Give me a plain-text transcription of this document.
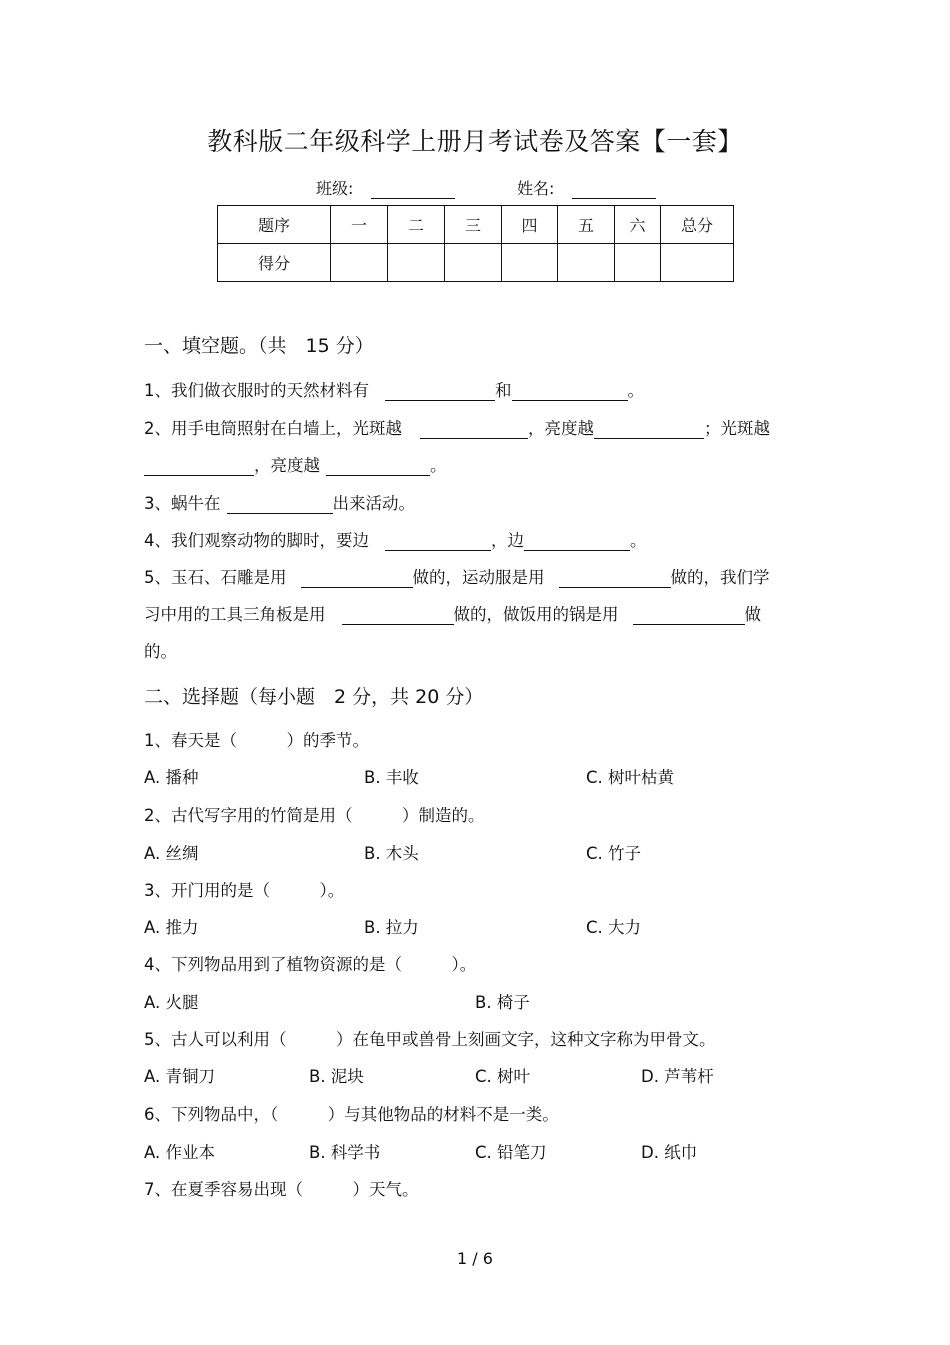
教科版二年级科学上册月考试卷及答案【一套】
班级:	姓名:
题序	一	二	三	四	五	六	总分
得分							
一、填空题。（共　15 分）
1、我们做衣服时的天然材料有	和	。
2、用手电筒照射在白墙上，光斑越	，亮度越	；光斑越
，亮度越	。
3、蜗牛在	出来活动。
4、我们观察动物的脚时，要边	，边	。
5、玉石、石雕是用	做的，运动服是用	做的，我们学
习中用的工具三角板是用	做的，做饭用的锅是用	做
的。
二、选择题（每小题　2 分，共 20 分）
1、春天是（　　　）的季节。
A. 播种	B. 丰收	C. 树叶枯黄
2、古代写字用的竹简是用（　　　）制造的。
A. 丝绸	B. 木头	C. 竹子
3、开门用的是（　　　）。
A. 推力	B. 拉力	C. 大力
4、下列物品用到了植物资源的是（　　　）。
A. 火腿	B. 椅子
5、古人可以利用（　　　）在龟甲或兽骨上刻画文字，这种文字称为甲骨文。
A. 青铜刀	B. 泥块	C. 树叶	D. 芦苇杆
6、下列物品中，（　　　）与其他物品的材料不是一类。
A. 作业本	B. 科学书	C. 铅笔刀	D. 纸巾
7、在夏季容易出现（　　　）天气。
1 / 6
